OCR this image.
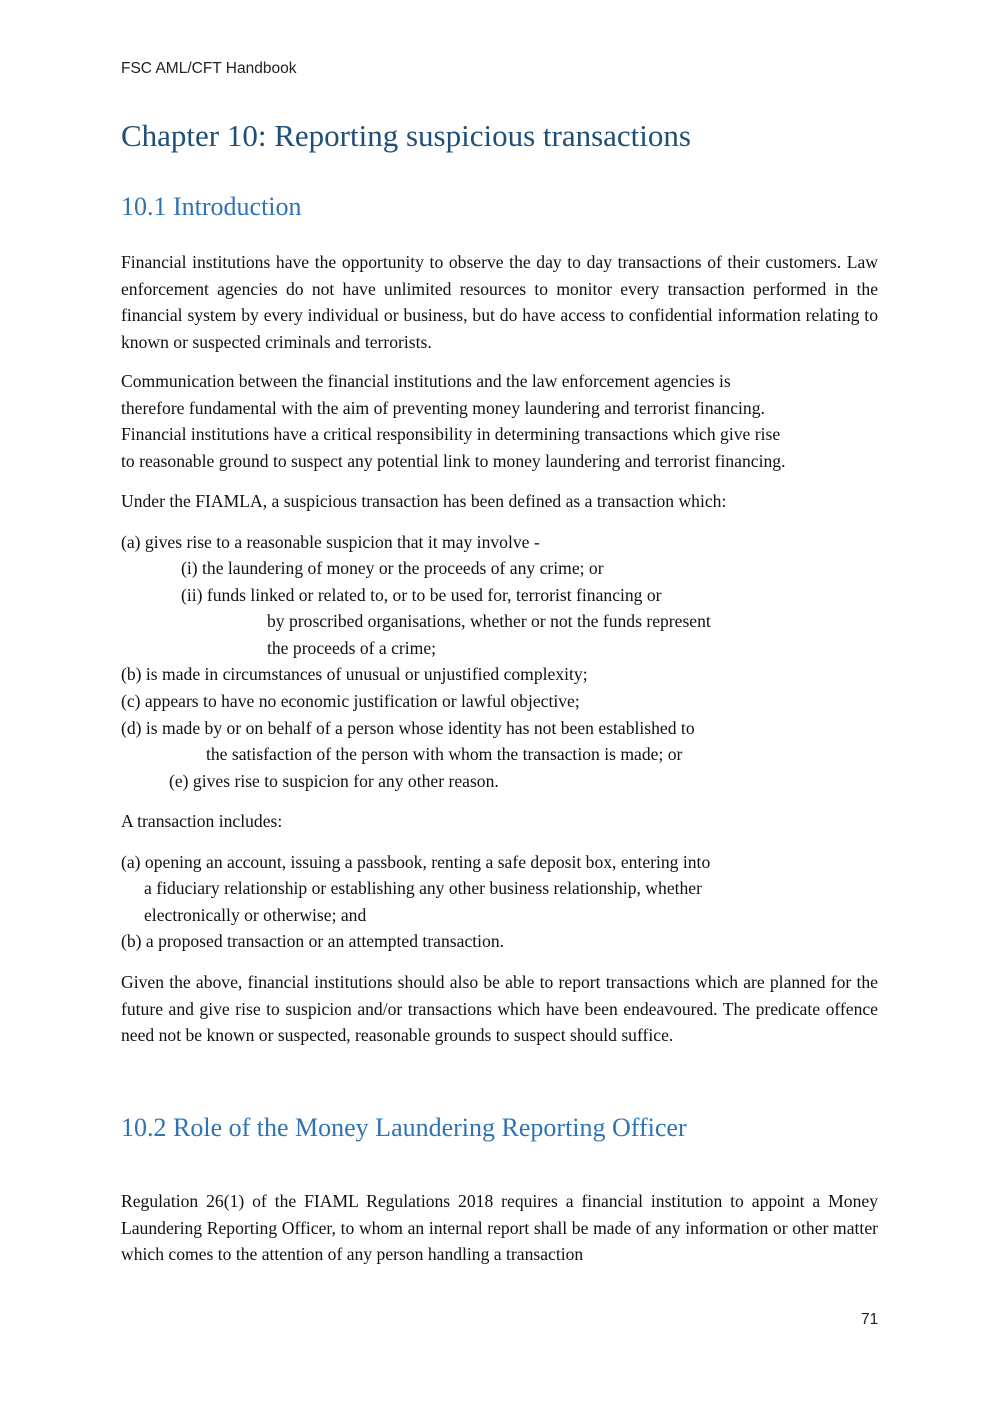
FSC AML/CFT Handbook

Chapter 10: Reporting suspicious transactions
10.1 Introduction

Financial institutions have the opportunity to observe the day to day transactions of their customers. Law enforcement agencies do not have unlimited resources to monitor every transaction performed in the financial system by every individual or business, but do have access to confidential information relating to known or suspected criminals and terrorists.

Communication between the financial institutions and the law enforcement agencies is

therefore fundamental with the aim of preventing money laundering and terrorist financing.

Financial institutions have a critical responsibility in determining transactions which give rise

to reasonable ground to suspect any potential link to money laundering and terrorist financing.

Under the FIAMLA, a suspicious transaction has been defined as a transaction which:

(a) gives rise to a reasonable suspicion that it may involve -

(i) the laundering of money or the proceeds of any crime; or

(ii) funds linked or related to, or to be used for, terrorist financing or

by proscribed organisations, whether or not the funds represent

the proceeds of a crime;

(b) is made in circumstances of unusual or unjustified complexity;

(c) appears to have no economic justification or lawful objective;

(d) is made by or on behalf of a person whose identity has not been established to

the satisfaction of the person with whom the transaction is made; or

(e) gives rise to suspicion for any other reason.

A transaction includes:

(a) opening an account, issuing a passbook, renting a safe deposit box, entering into

a fiduciary relationship or establishing any other business relationship, whether

electronically or otherwise; and

(b) a proposed transaction or an attempted transaction.

Given the above, financial institutions should also be able to report transactions which are planned for the future and give rise to suspicion and/or transactions which have been endeavoured. The predicate offence need not be known or suspected, reasonable grounds to suspect should suffice.

10.2 Role of the Money Laundering Reporting Officer

Regulation 26(1) of the FIAML Regulations 2018 requires a financial institution to appoint a Money Laundering Reporting Officer, to whom an internal report shall be made of any information or other matter which comes to the attention of any person handling a transaction

71
